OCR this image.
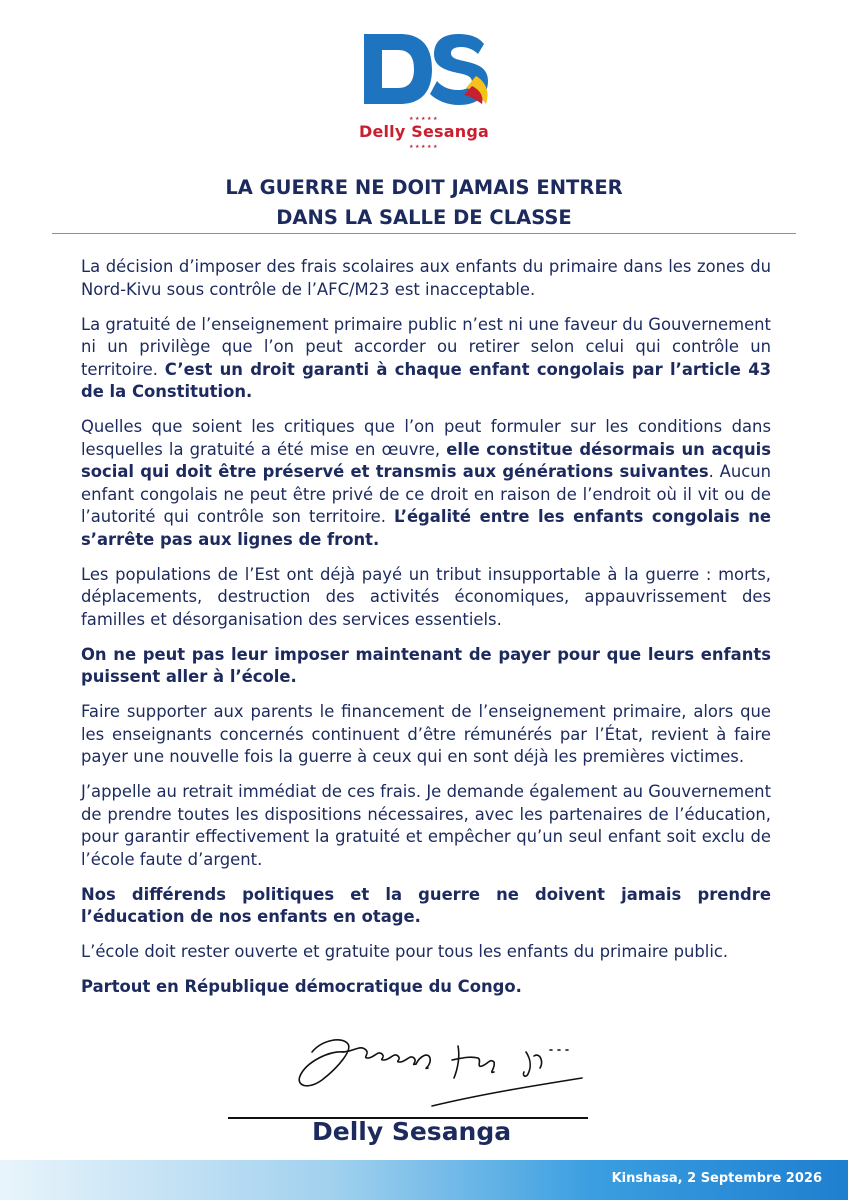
★★★★★
Delly Sesanga
★★★★★
LA GUERRE NE DOIT JAMAIS ENTRER
DANS LA SALLE DE CLASSE

La décision d’imposer des frais scolaires aux enfants du primaire dans les zones du Nord-Kivu sous contrôle de l’AFC/M23 est inacceptable.

La gratuité de l’enseignement primaire public n’est ni une faveur du Gouvernement ni un privilège que l’on peut accorder ou retirer selon celui qui contrôle un territoire. C’est un droit garanti à chaque enfant congolais par l’article 43 de la Constitution.

Quelles que soient les critiques que l’on peut formuler sur les conditions dans lesquelles la gratuité a été mise en œuvre, elle constitue désormais un acquis social qui doit être préservé et transmis aux générations suivantes. Aucun enfant congolais ne peut être privé de ce droit en raison de l’endroit où il vit ou de l’autorité qui contrôle son territoire. L’égalité entre les enfants congolais ne s’arrête pas aux lignes de front.

Les populations de l’Est ont déjà payé un tribut insupportable à la guerre : morts, déplacements, destruction des activités économiques, appauvrissement des familles et désorganisation des services essentiels.

On ne peut pas leur imposer maintenant de payer pour que leurs enfants puissent aller à l’école.

Faire supporter aux parents le financement de l’enseignement primaire, alors que les enseignants concernés continuent d’être rémunérés par l’État, revient à faire payer une nouvelle fois la guerre à ceux qui en sont déjà les premières victimes.

J’appelle au retrait immédiat de ces frais. Je demande également au Gouvernement de prendre toutes les dispositions nécessaires, avec les partenaires de l’éducation, pour garantir effectivement la gratuité et empêcher qu’un seul enfant soit exclu de l’école faute d’argent.

Nos différends politiques et la guerre ne doivent jamais prendre l’éducation de nos enfants en otage.

L’école doit rester ouverte et gratuite pour tous les enfants du primaire public.

Partout en République démocratique du Congo.

Delly Sesanga
Kinshasa, 2 Septembre 2026
